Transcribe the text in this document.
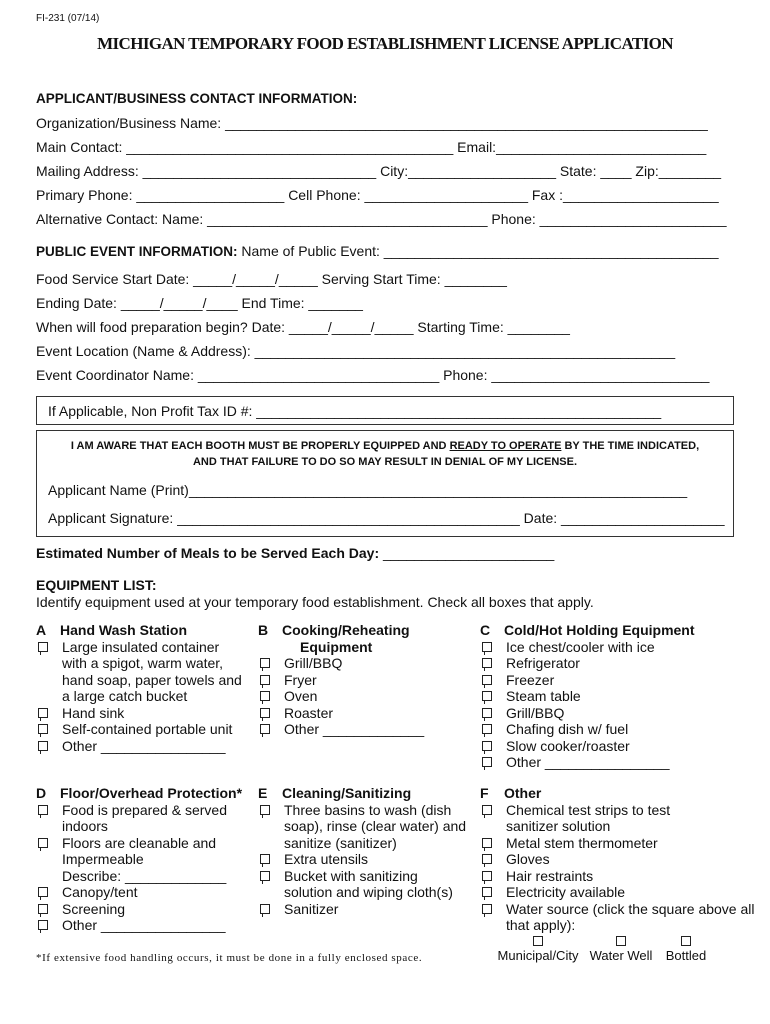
FI-231 (07/14)
MICHIGAN TEMPORARY FOOD ESTABLISHMENT LICENSE APPLICATION
APPLICANT/BUSINESS CONTACT INFORMATION:
Organization/Business Name: ______________________________________________________________
Main Contact: __________________________________________ Email:___________________________
Mailing Address: ______________________________ City:___________________ State: ____ Zip:________
Primary Phone: ___________________ Cell Phone: _____________________ Fax :____________________
Alternative Contact: Name: ____________________________________ Phone: ________________________
PUBLIC EVENT INFORMATION: Name of Public Event: ___________________________________________
Food Service Start Date: _____/_____/_____ Serving Start Time: ________
Ending Date: _____/_____/____ End Time: _______
When will food preparation begin? Date: _____/_____/_____ Starting Time: ________
Event Location (Name & Address): ______________________________________________________
Event Coordinator Name: _______________________________ Phone: ____________________________
If Applicable, Non Profit Tax ID #: ____________________________________________________
I AM AWARE THAT EACH BOOTH MUST BE PROPERLY EQUIPPED AND READY TO OPERATE BY THE TIME INDICATED,
AND THAT FAILURE TO DO SO MAY RESULT IN DENIAL OF MY LICENSE.
Applicant Name (Print)________________________________________________________________
Applicant Signature: ____________________________________________ Date: _____________________
Estimated Number of Meals to be Served Each Day: ______________________
EQUIPMENT LIST:
Identify equipment used at your temporary food establishment. Check all boxes that apply.
A Hand Wash Station
Large insulated container
with a spigot, warm water,
hand soap, paper towels and
a large catch bucket
Hand sink
Self-contained portable unit
Other ________________
B Cooking/Reheating
Equipment
Grill/BBQ
Fryer
Oven
Roaster
Other _____________
C Cold/Hot Holding Equipment
Ice chest/cooler with ice
Refrigerator
Freezer
Steam table
Grill/BBQ
Chafing dish w/ fuel
Slow cooker/roaster
Other ________________
D Floor/Overhead Protection*
Food is prepared & served
indoors
Floors are cleanable and
Impermeable
Describe: _____________
Canopy/tent
Screening
Other ________________
E Cleaning/Sanitizing
Three basins to wash (dish
soap), rinse (clear water) and
sanitize (sanitizer)
Extra utensils
Bucket with sanitizing
solution and wiping cloth(s)
Sanitizer
F Other
Chemical test strips to test
sanitizer solution
Metal stem thermometer
Gloves
Hair restraints
Electricity available
Water source (click the square above all
that apply):
Municipal/City Water Well	Bottled
*If extensive food handling occurs, it must be done in a fully enclosed space.
